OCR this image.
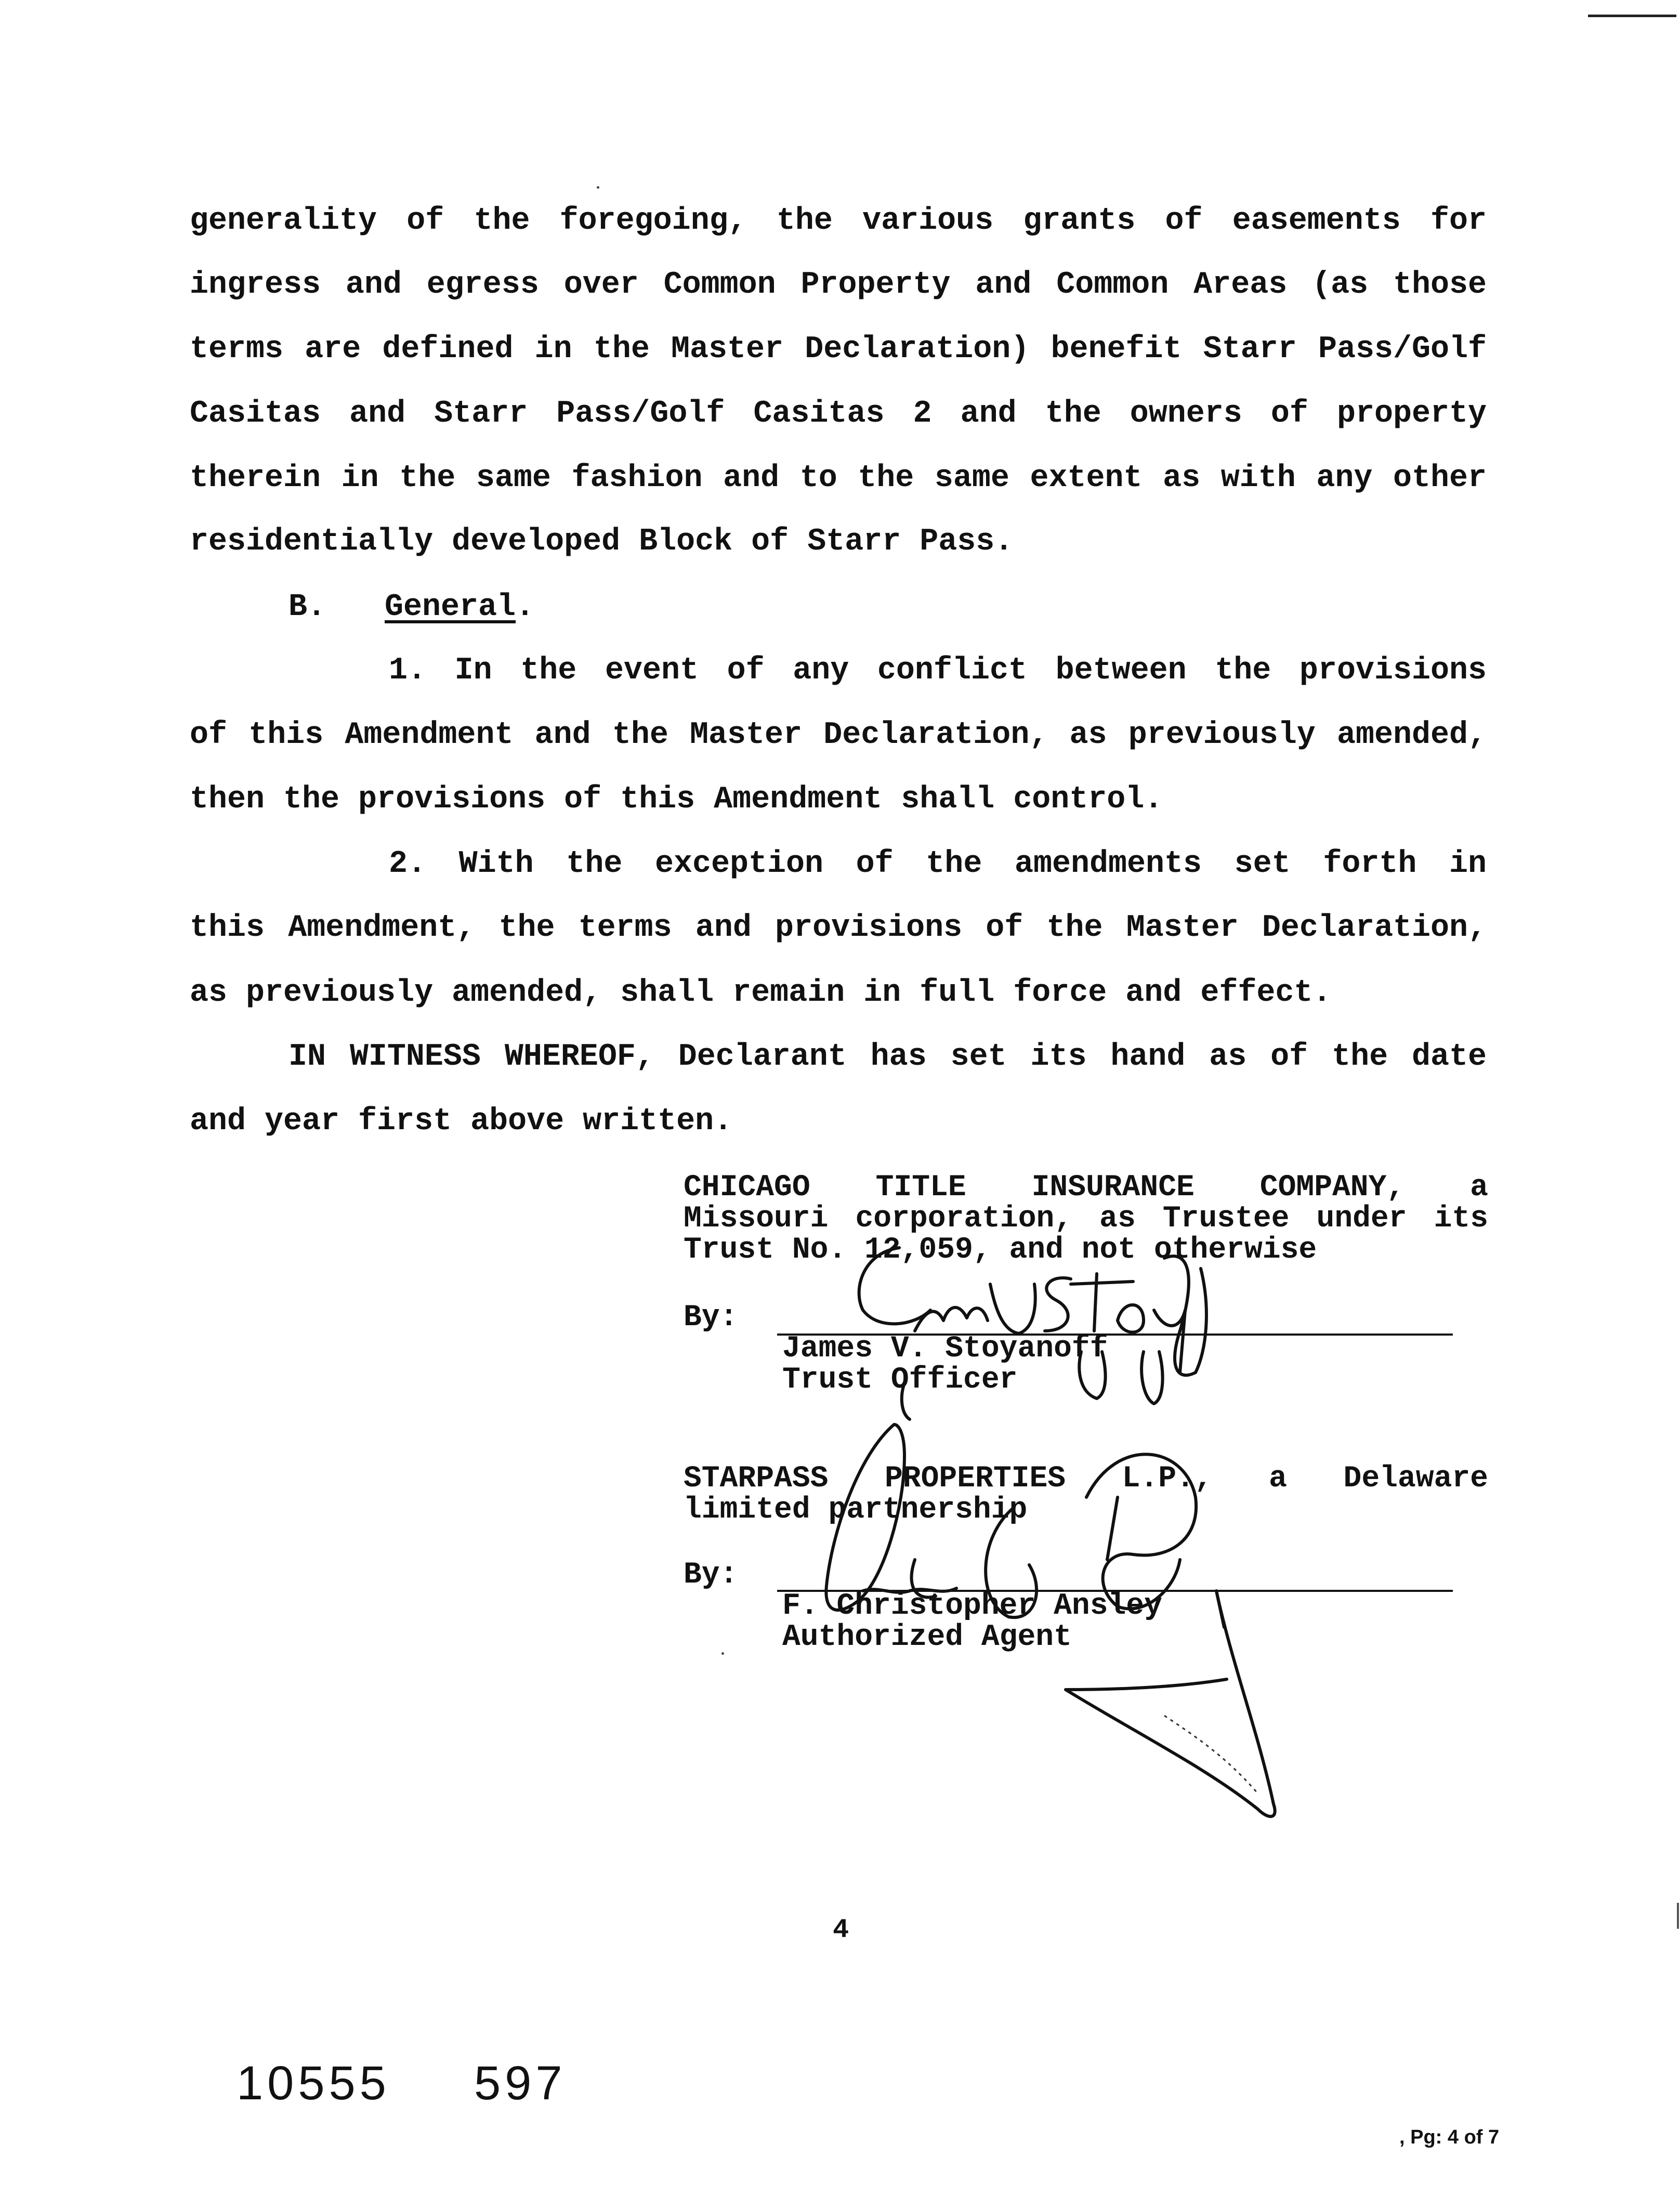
generality of the foregoing, the various grants of easements for
ingress and egress over Common Property and Common Areas (as those
terms are defined in the Master Declaration) benefit Starr Pass/Golf
Casitas and Starr Pass/Golf Casitas 2 and the owners of property
therein in the same fashion and to the same extent as with any other
residentially developed Block of Starr Pass.
B. General.
1. In the event of any conflict between the provisions
of this Amendment and the Master Declaration, as previously amended,
then the provisions of this Amendment shall control.
2. With the exception of the amendments set forth in
this Amendment, the terms and provisions of the Master Declaration,
as previously amended, shall remain in full force and effect.
IN WITNESS WHEREOF, Declarant has set its hand as of the date
and year first above written.
CHICAGO TITLE INSURANCE COMPANY, a
Missouri corporation, as Trustee under its
Trust No. 12,059, and not otherwise
By:
James V. Stoyanoff
Trust Officer
STARPASS PROPERTIES L.P., a Delaware
limited partnership
By:
F. Christopher Ansley
Authorized Agent
4
10555 597
, Pg: 4 of 7
